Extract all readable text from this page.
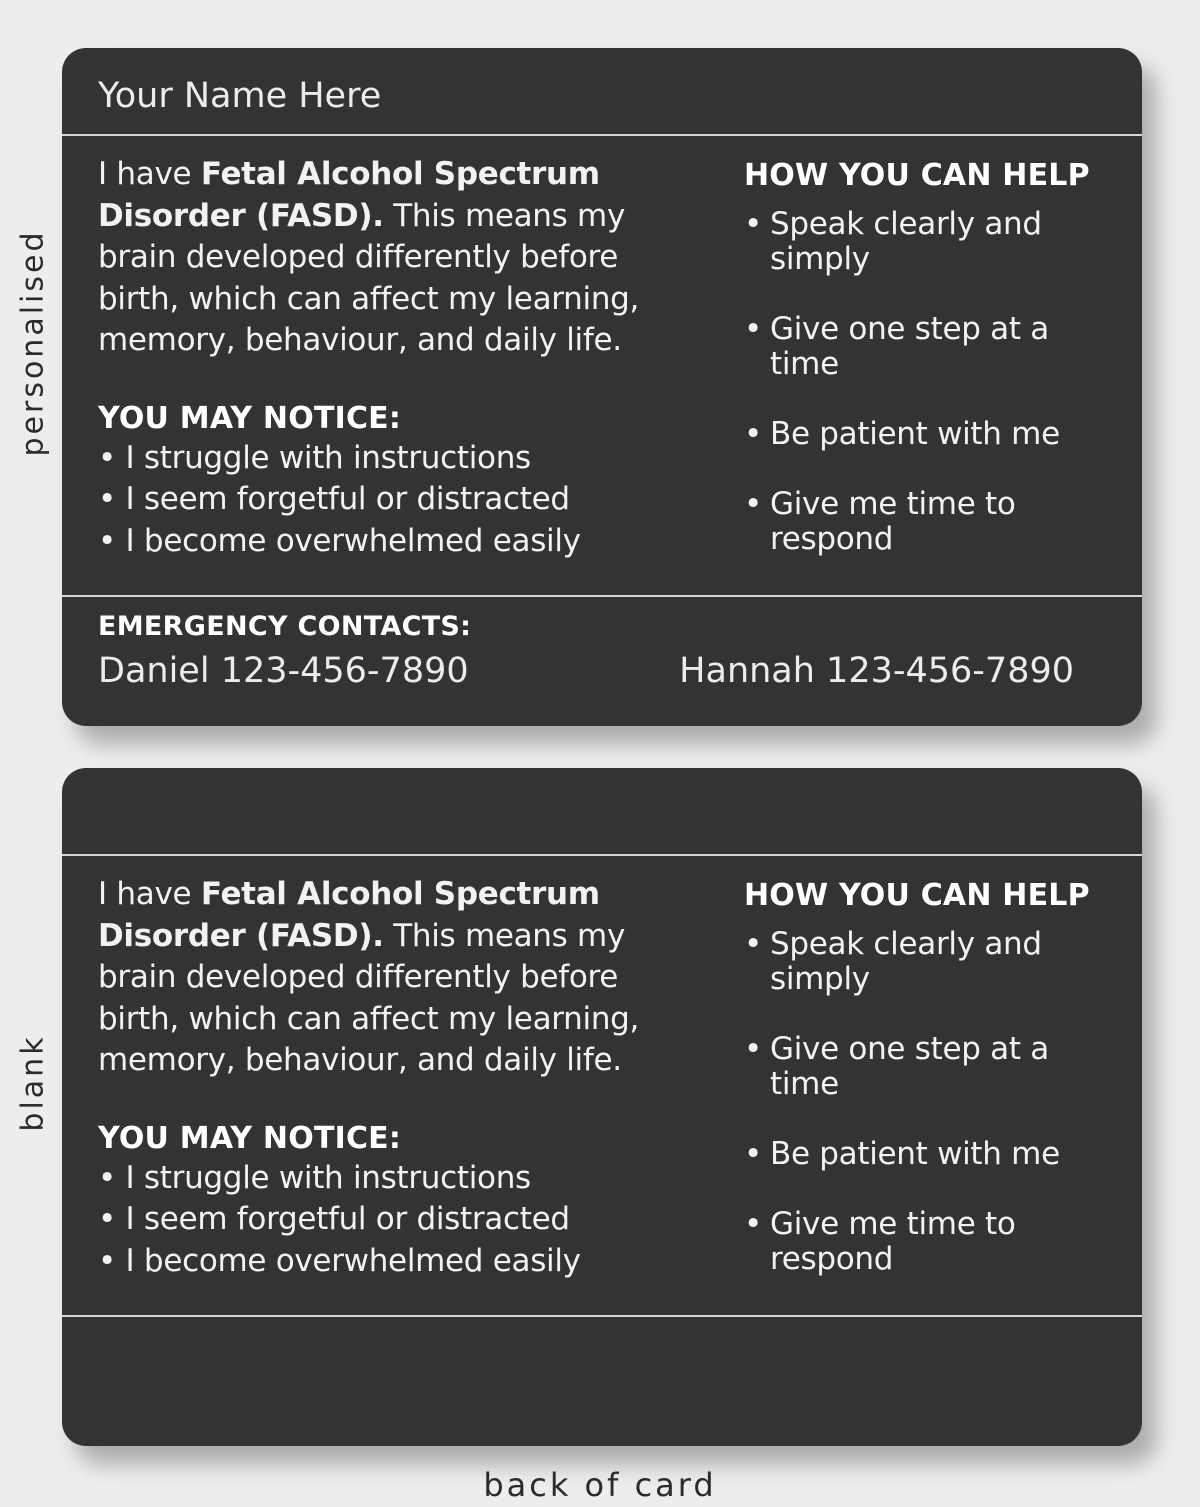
personalised
blank
Your Name Here

I have Fetal Alcohol Spectrum Disorder (FASD). This means my brain developed differently before birth, which can affect my learning, memory, behaviour, and daily life.

YOU MAY NOTICE:
• I struggle with instructions
• I seem forgetful or distracted
• I become overwhelmed easily
HOW YOU CAN HELP
• Speak clearly and simply
• Give one step at a time
• Be patient with me
• Give me time to respond
EMERGENCY CONTACTS:
Daniel 123-456-7890	Hannah 123-456-7890

I have Fetal Alcohol Spectrum Disorder (FASD). This means my brain developed differently before birth, which can affect my learning, memory, behaviour, and daily life.

YOU MAY NOTICE:
• I struggle with instructions
• I seem forgetful or distracted
• I become overwhelmed easily
HOW YOU CAN HELP
• Speak clearly and simply
• Give one step at a time
• Be patient with me
• Give me time to respond
back of card
